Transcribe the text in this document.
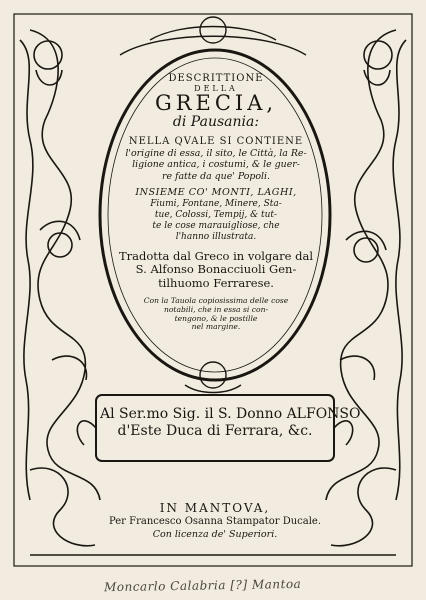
DESCRITTIONE
DELLA
GRECIA,
di Pausania:
NELLA QVALE SI CONTIENE
l'origine di essa, il sito, le Città, la Re-
ligione antica, i costumi, & le guer-
re fatte da que' Popoli.
INSIEME CO' MONTI, LAGHI,
Fiumi, Fontane, Minere, Sta-
tue, Colossi, Tempij, & tut-
te le cose marauigliose, che
l'hanno illustrata.
Tradotta dal Greco in volgare dal
S. Alfonso Bonacciuoli Gen-
tilhuomo Ferrarese.
Con la Tauola copiosissima delle cose
notabili, che in essa si con-
tengono, & le postille
nel margine.
Al Ser.mo Sig. il S. Donno ALFONSO
d'Este Duca di Ferrara, &c.
IN MANTOVA,
Per Francesco Osanna Stampator Ducale.
Con licenza de' Superiori.
Moncarlo Calabria [?] Mantoa
